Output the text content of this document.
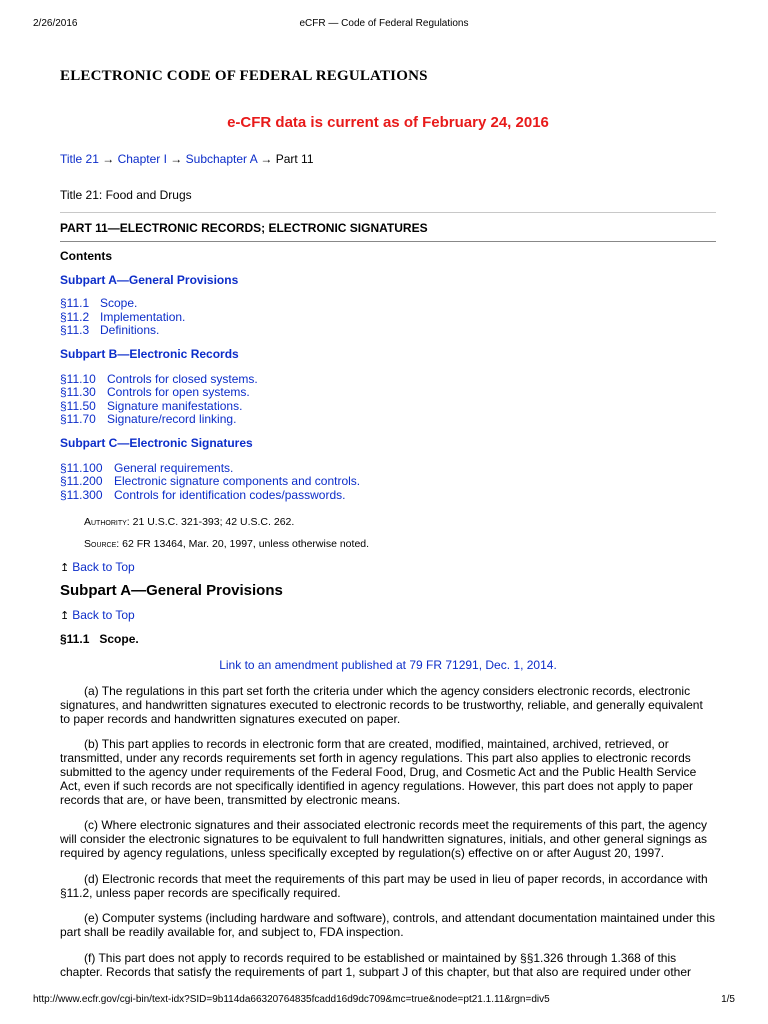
2/26/2016	eCFR — Code of Federal Regulations
ELECTRONIC CODE OF FEDERAL REGULATIONS
e-CFR data is current as of February 24, 2016
Title 21 → Chapter I → Subchapter A → Part 11
Title 21: Food and Drugs
PART 11—ELECTRONIC RECORDS; ELECTRONIC SIGNATURES
Contents
Subpart A—General Provisions
§11.1 Scope.
§11.2 Implementation.
§11.3 Definitions.
Subpart B—Electronic Records
§11.10 Controls for closed systems.
§11.30 Controls for open systems.
§11.50 Signature manifestations.
§11.70 Signature/record linking.
Subpart C—Electronic Signatures
§11.100 General requirements.
§11.200 Electronic signature components and controls.
§11.300 Controls for identification codes/passwords.
Authority: 21 U.S.C. 321-393; 42 U.S.C. 262.
Source: 62 FR 13464, Mar. 20, 1997, unless otherwise noted.
↥ Back to Top
Subpart A—General Provisions
↥ Back to Top
§11.1   Scope.
Link to an amendment published at 79 FR 71291, Dec. 1, 2014.

(a) The regulations in this part set forth the criteria under which the agency considers electronic records, electronic signatures, and handwritten signatures executed to electronic records to be trustworthy, reliable, and generally equivalent to paper records and handwritten signatures executed on paper.

(b) This part applies to records in electronic form that are created, modified, maintained, archived, retrieved, or transmitted, under any records requirements set forth in agency regulations. This part also applies to electronic records submitted to the agency under requirements of the Federal Food, Drug, and Cosmetic Act and the Public Health Service Act, even if such records are not specifically identified in agency regulations. However, this part does not apply to paper records that are, or have been, transmitted by electronic means.

(c) Where electronic signatures and their associated electronic records meet the requirements of this part, the agency will consider the electronic signatures to be equivalent to full handwritten signatures, initials, and other general signings as required by agency regulations, unless specifically excepted by regulation(s) effective on or after August 20, 1997.

(d) Electronic records that meet the requirements of this part may be used in lieu of paper records, in accordance with §11.2, unless paper records are specifically required.

(e) Computer systems (including hardware and software), controls, and attendant documentation maintained under this part shall be readily available for, and subject to, FDA inspection.

(f) This part does not apply to records required to be established or maintained by §§1.326 through 1.368 of this chapter. Records that satisfy the requirements of part 1, subpart J of this chapter, but that also are required under other

http://www.ecfr.gov/cgi-bin/text-idx?SID=9b114da66320764835fcadd16d9dc709&mc=true&node=pt21.1.11&rgn=div5	1/5
